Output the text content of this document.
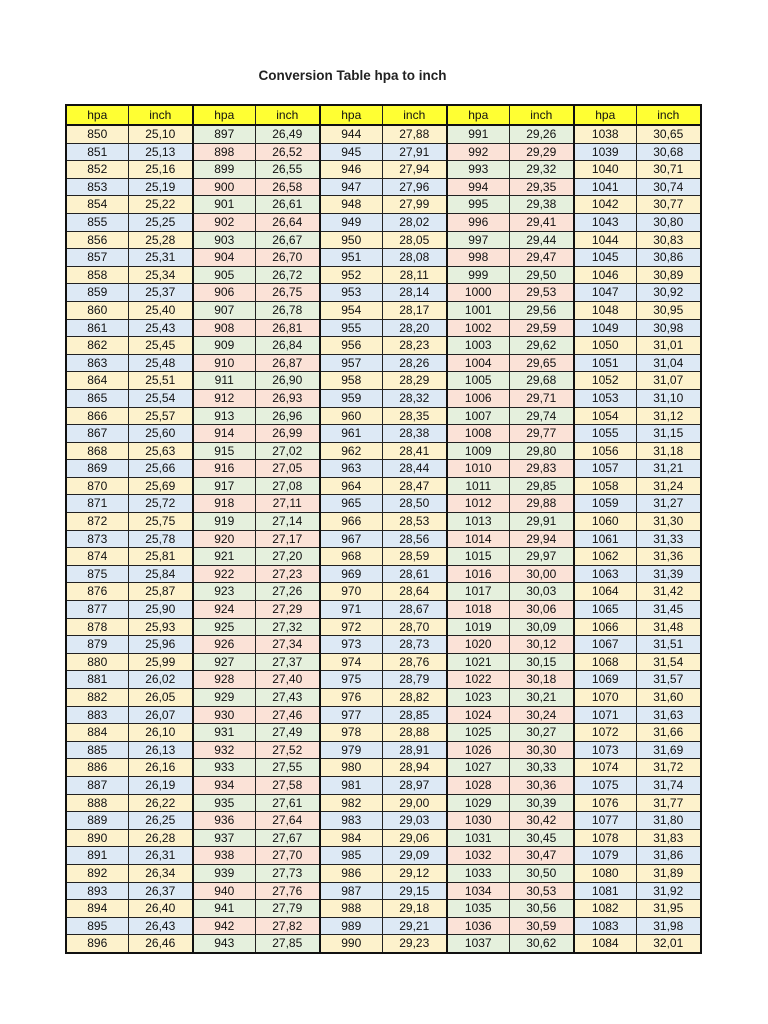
Conversion Table hpa to inch
hpa	inch	hpa	inch	hpa	inch	hpa	inch	hpa	inch
850	25,10	897	26,49	944	27,88	991	29,26	1038	30,65
851	25,13	898	26,52	945	27,91	992	29,29	1039	30,68
852	25,16	899	26,55	946	27,94	993	29,32	1040	30,71
853	25,19	900	26,58	947	27,96	994	29,35	1041	30,74
854	25,22	901	26,61	948	27,99	995	29,38	1042	30,77
855	25,25	902	26,64	949	28,02	996	29,41	1043	30,80
856	25,28	903	26,67	950	28,05	997	29,44	1044	30,83
857	25,31	904	26,70	951	28,08	998	29,47	1045	30,86
858	25,34	905	26,72	952	28,11	999	29,50	1046	30,89
859	25,37	906	26,75	953	28,14	1000	29,53	1047	30,92
860	25,40	907	26,78	954	28,17	1001	29,56	1048	30,95
861	25,43	908	26,81	955	28,20	1002	29,59	1049	30,98
862	25,45	909	26,84	956	28,23	1003	29,62	1050	31,01
863	25,48	910	26,87	957	28,26	1004	29,65	1051	31,04
864	25,51	911	26,90	958	28,29	1005	29,68	1052	31,07
865	25,54	912	26,93	959	28,32	1006	29,71	1053	31,10
866	25,57	913	26,96	960	28,35	1007	29,74	1054	31,12
867	25,60	914	26,99	961	28,38	1008	29,77	1055	31,15
868	25,63	915	27,02	962	28,41	1009	29,80	1056	31,18
869	25,66	916	27,05	963	28,44	1010	29,83	1057	31,21
870	25,69	917	27,08	964	28,47	1011	29,85	1058	31,24
871	25,72	918	27,11	965	28,50	1012	29,88	1059	31,27
872	25,75	919	27,14	966	28,53	1013	29,91	1060	31,30
873	25,78	920	27,17	967	28,56	1014	29,94	1061	31,33
874	25,81	921	27,20	968	28,59	1015	29,97	1062	31,36
875	25,84	922	27,23	969	28,61	1016	30,00	1063	31,39
876	25,87	923	27,26	970	28,64	1017	30,03	1064	31,42
877	25,90	924	27,29	971	28,67	1018	30,06	1065	31,45
878	25,93	925	27,32	972	28,70	1019	30,09	1066	31,48
879	25,96	926	27,34	973	28,73	1020	30,12	1067	31,51
880	25,99	927	27,37	974	28,76	1021	30,15	1068	31,54
881	26,02	928	27,40	975	28,79	1022	30,18	1069	31,57
882	26,05	929	27,43	976	28,82	1023	30,21	1070	31,60
883	26,07	930	27,46	977	28,85	1024	30,24	1071	31,63
884	26,10	931	27,49	978	28,88	1025	30,27	1072	31,66
885	26,13	932	27,52	979	28,91	1026	30,30	1073	31,69
886	26,16	933	27,55	980	28,94	1027	30,33	1074	31,72
887	26,19	934	27,58	981	28,97	1028	30,36	1075	31,74
888	26,22	935	27,61	982	29,00	1029	30,39	1076	31,77
889	26,25	936	27,64	983	29,03	1030	30,42	1077	31,80
890	26,28	937	27,67	984	29,06	1031	30,45	1078	31,83
891	26,31	938	27,70	985	29,09	1032	30,47	1079	31,86
892	26,34	939	27,73	986	29,12	1033	30,50	1080	31,89
893	26,37	940	27,76	987	29,15	1034	30,53	1081	31,92
894	26,40	941	27,79	988	29,18	1035	30,56	1082	31,95
895	26,43	942	27,82	989	29,21	1036	30,59	1083	31,98
896	26,46	943	27,85	990	29,23	1037	30,62	1084	32,01
